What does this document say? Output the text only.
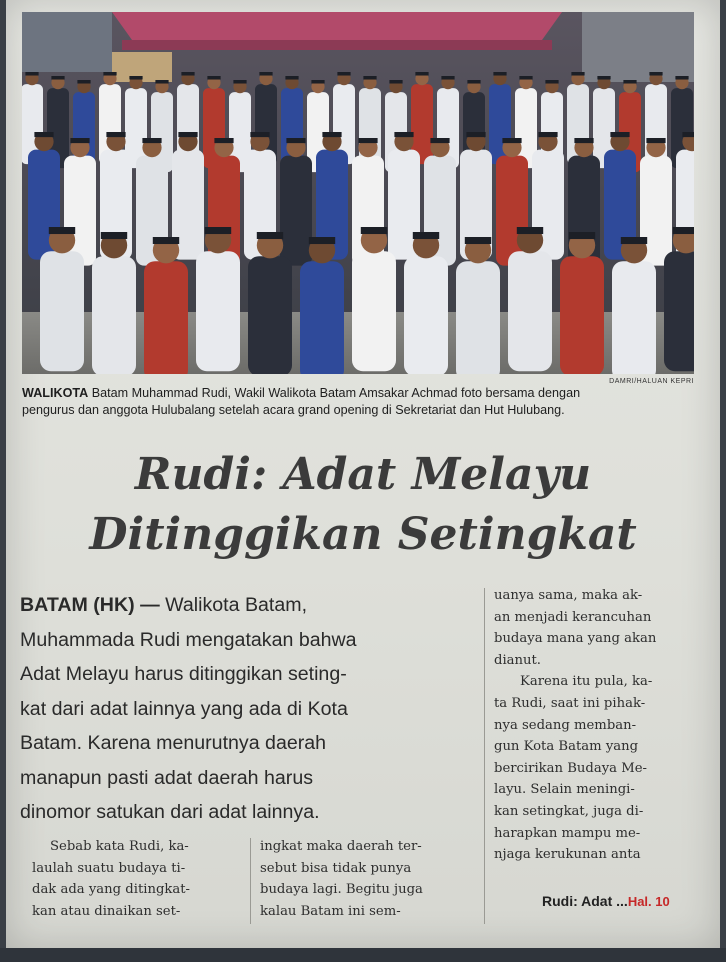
DAMRI/HALUAN KEPRI
WALIKOTA Batam Muhammad Rudi, Wakil Walikota Batam Amsakar Achmad foto bersama dengan
pengurus dan anggota Hulubalang setelah acara grand opening di Sekretariat dan Hut Hulubang.
Rudi: Adat Melayu
Ditinggikan Setingkat
BATAM (HK) — Walikota Batam,
Muhammada Rudi mengatakan bahwa
Adat Melayu harus ditinggikan seting-
kat dari adat lainnya yang ada di Kota
Batam. Karena menurutnya daerah
manapun pasti adat daerah harus
dinomor satukan dari adat lainnya.

Sebab kata Rudi, ka-

laulah suatu budaya ti-

dak ada yang ditingkat-

kan atau dinaikan set-

ingkat maka daerah ter-

sebut bisa tidak punya

budaya lagi. Begitu juga

kalau Batam ini sem-

uanya sama, maka ak-

an menjadi kerancuhan

budaya mana yang akan

dianut.

Karena itu pula, ka-

ta Rudi, saat ini pihak-

nya sedang memban-

gun Kota Batam yang

bercirikan Budaya Me-

layu. Selain meningi-

kan setingkat, juga di-

harapkan mampu me-

njaga kerukunan anta

Rudi: Adat ...Hal. 10
